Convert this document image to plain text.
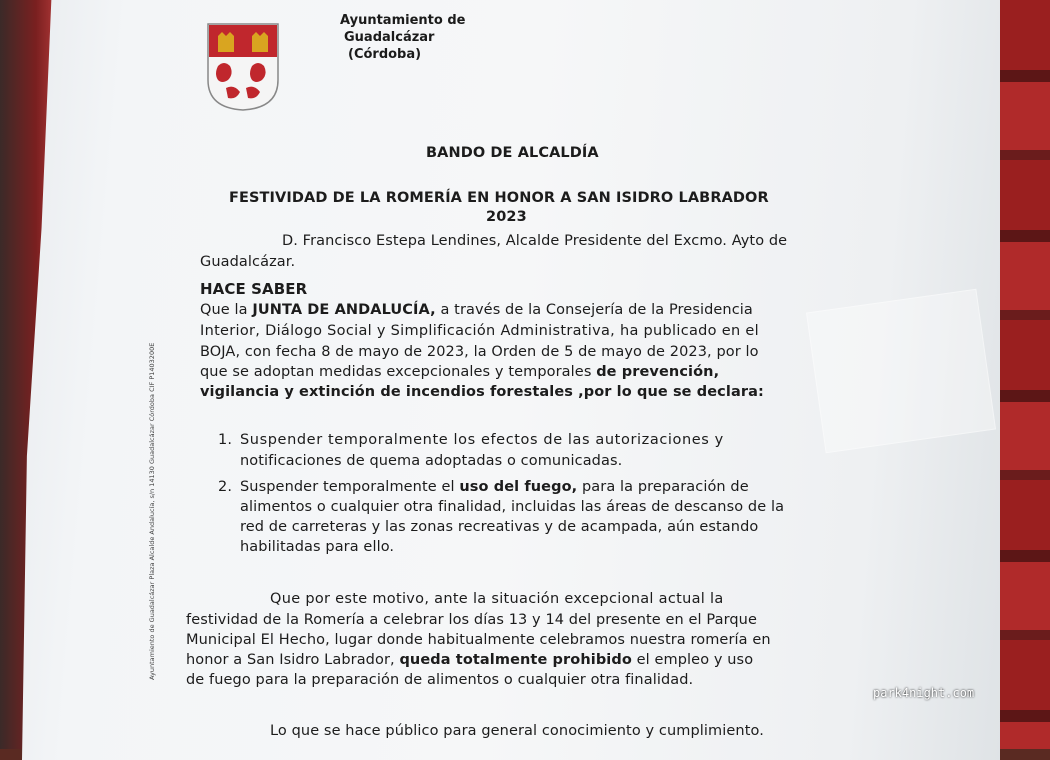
Ayuntamiento de
Guadalcázar
(Córdoba)
Ayuntamiento de Guadalcázar Plaza Alcalde Andalucía, s/n 14130 Guadalcázar Córdoba CIF P1403200E
BANDO DE ALCALDÍA
FESTIVIDAD DE LA ROMERÍA EN HONOR A SAN ISIDRO LABRADOR
2023
D. Francisco Estepa Lendines, Alcalde Presidente del Excmo. Ayto de
Guadalcázar.
HACE SABER
Que la JUNTA DE ANDALUCÍA, a través de la Consejería de la Presidencia
Interior, Diálogo Social y Simplificación Administrativa, ha publicado en el
BOJA, con fecha 8 de mayo de 2023, la Orden de 5 de mayo de 2023, por lo
que se adoptan medidas excepcionales y temporales de prevención,
vigilancia y extinción de incendios forestales ,por lo que se declara:
1. Suspender temporalmente los efectos de las autorizaciones y
notificaciones de quema adoptadas o comunicadas.
2. Suspender temporalmente el uso del fuego, para la preparación de
alimentos o cualquier otra finalidad, incluidas las áreas de descanso de la
red de carreteras y las zonas recreativas y de acampada, aún estando
habilitadas para ello.
Que por este motivo, ante la situación excepcional actual la
festividad de la Romería a celebrar los días 13 y 14 del presente en el Parque
Municipal El Hecho, lugar donde habitualmente celebramos nuestra romería en
honor a San Isidro Labrador, queda totalmente prohibido el empleo y uso
de fuego para la preparación de alimentos o cualquier otra finalidad.
Lo que se hace público para general conocimiento y cumplimiento.
park4night.com
